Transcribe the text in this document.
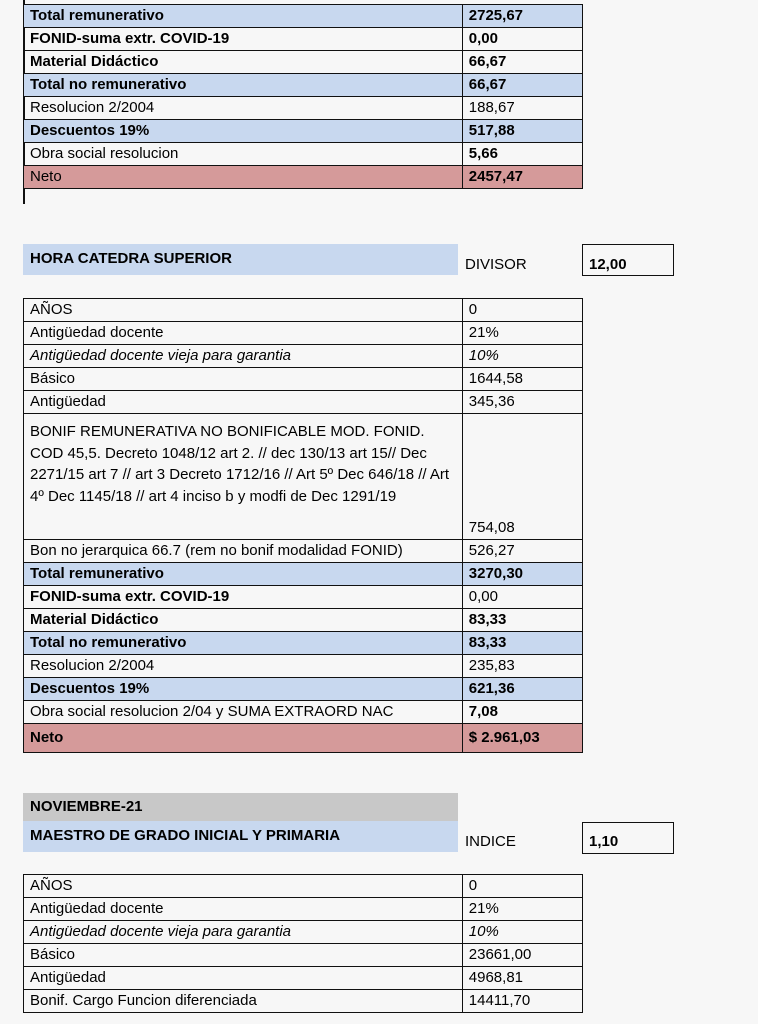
Total remunerativo	2725,67
FONID-suma extr. COVID-19	0,00
Material Didáctico	66,67
Total no remunerativo	66,67
Resolucion 2/2004	188,67
Descuentos 19%	517,88
Obra social resolucion	5,66
Neto	2457,47
HORA CATEDRA SUPERIOR	DIVISOR	12,00
AÑOS	0
Antigüedad docente	21%
Antigüedad docente vieja para garantia	10%
Básico	1644,58
Antigüedad	345,36
BONIF REMUNERATIVA NO BONIFICABLE MOD. FONID. COD 45,5. Decreto 1048/12 art 2. // dec 130/13 art 15// Dec 2271/15 art 7 // art 3 Decreto 1712/16 // Art 5º Dec 646/18 // Art 4º Dec 1145/18 // art 4 inciso b y modfi de Dec 1291/19	754,08
Bon no jerarquica 66.7 (rem no bonif modalidad FONID)	526,27
Total remunerativo	3270,30
FONID-suma extr. COVID-19	0,00
Material Didáctico	83,33
Total no remunerativo	83,33
Resolucion 2/2004	235,83
Descuentos 19%	621,36
Obra social resolucion 2/04 y SUMA EXTRAORD NAC	7,08
Neto	$ 2.961,03
NOVIEMBRE-21
MAESTRO DE GRADO INICIAL Y PRIMARIA	INDICE	1,10
AÑOS	0
Antigüedad docente	21%
Antigüedad docente vieja para garantia	10%
Básico	23661,00
Antigüedad	4968,81
Bonif. Cargo Funcion diferenciada	14411,70
